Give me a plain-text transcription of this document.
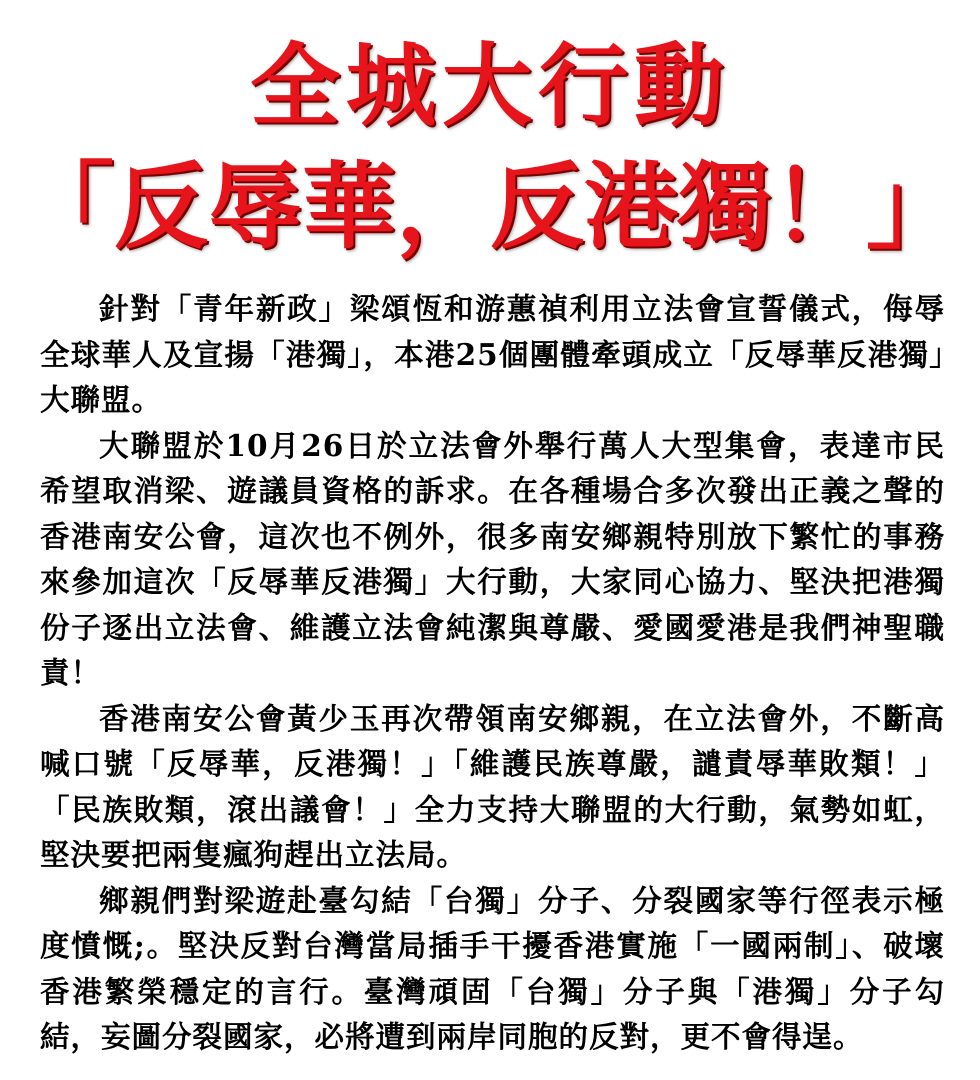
全城大行動
「反辱華，反港獨！」

針對「青年新政」梁頌恆和游蕙禎利用立法會宣誓儀式，侮辱全球華人及宣揚「港獨」，本港25個團體牽頭成立「反辱華反港獨」大聯盟。

大聯盟於10月26日於立法會外舉行萬人大型集會，表達市民希望取消梁、遊議員資格的訴求。在各種場合多次發出正義之聲的香港南安公會，這次也不例外，很多南安鄉親特別放下繁忙的事務來參加這次「反辱華反港獨」大行動，大家同心協力、堅決把港獨份子逐出立法會、維護立法會純潔與尊嚴、愛國愛港是我們神聖職責！

香港南安公會黃少玉再次帶領南安鄉親，在立法會外，不斷高喊口號「反辱華，反港獨！」「維護民族尊嚴，譴責辱華敗類！」「民族敗類，滾出議會！」全力支持大聯盟的大行動，氣勢如虹，堅決要把兩隻瘋狗趕出立法局。

鄉親們對梁遊赴臺勾結「台獨」分子、分裂國家等行徑表示極度憤慨;。堅決反對台灣當局插手干擾香港實施「一國兩制」、破壞香港繁榮穩定的言行。臺灣頑固「台獨」分子與「港獨」分子勾結，妄圖分裂國家，必將遭到兩岸同胞的反對，更不會得逞。
